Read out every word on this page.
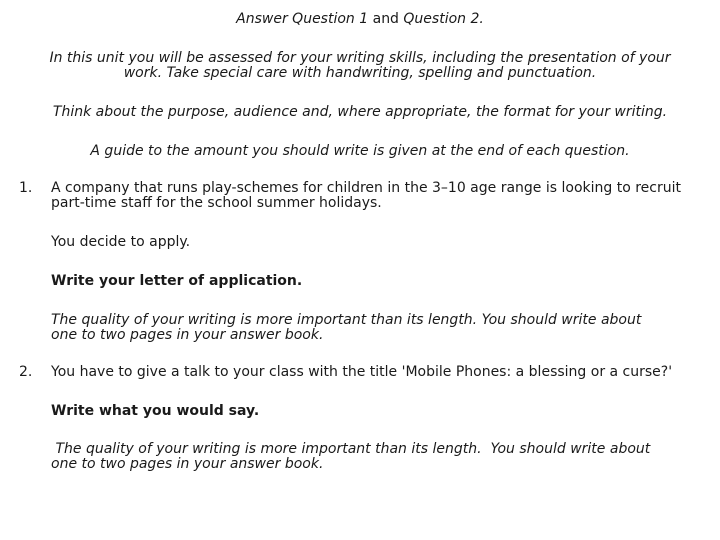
Answer Question 1 and Question 2.
In this unit you will be assessed for your writing skills, including the presentation of your
work. Take special care with handwriting, spelling and punctuation.
Think about the purpose, audience and, where appropriate, the format for your writing.
A guide to the amount you should write is given at the end of each question.
1. A company that runs play-schemes for children in the 3–10 age range is looking to recruit
part-time staff for the school summer holidays.
You decide to apply.
Write your letter of application.
The quality of your writing is more important than its length. You should write about
one to two pages in your answer book.
2. You have to give a talk to your class with the title 'Mobile Phones: a blessing or a curse?'
Write what you would say.
The quality of your writing is more important than its length.  You should write about
one to two pages in your answer book.
